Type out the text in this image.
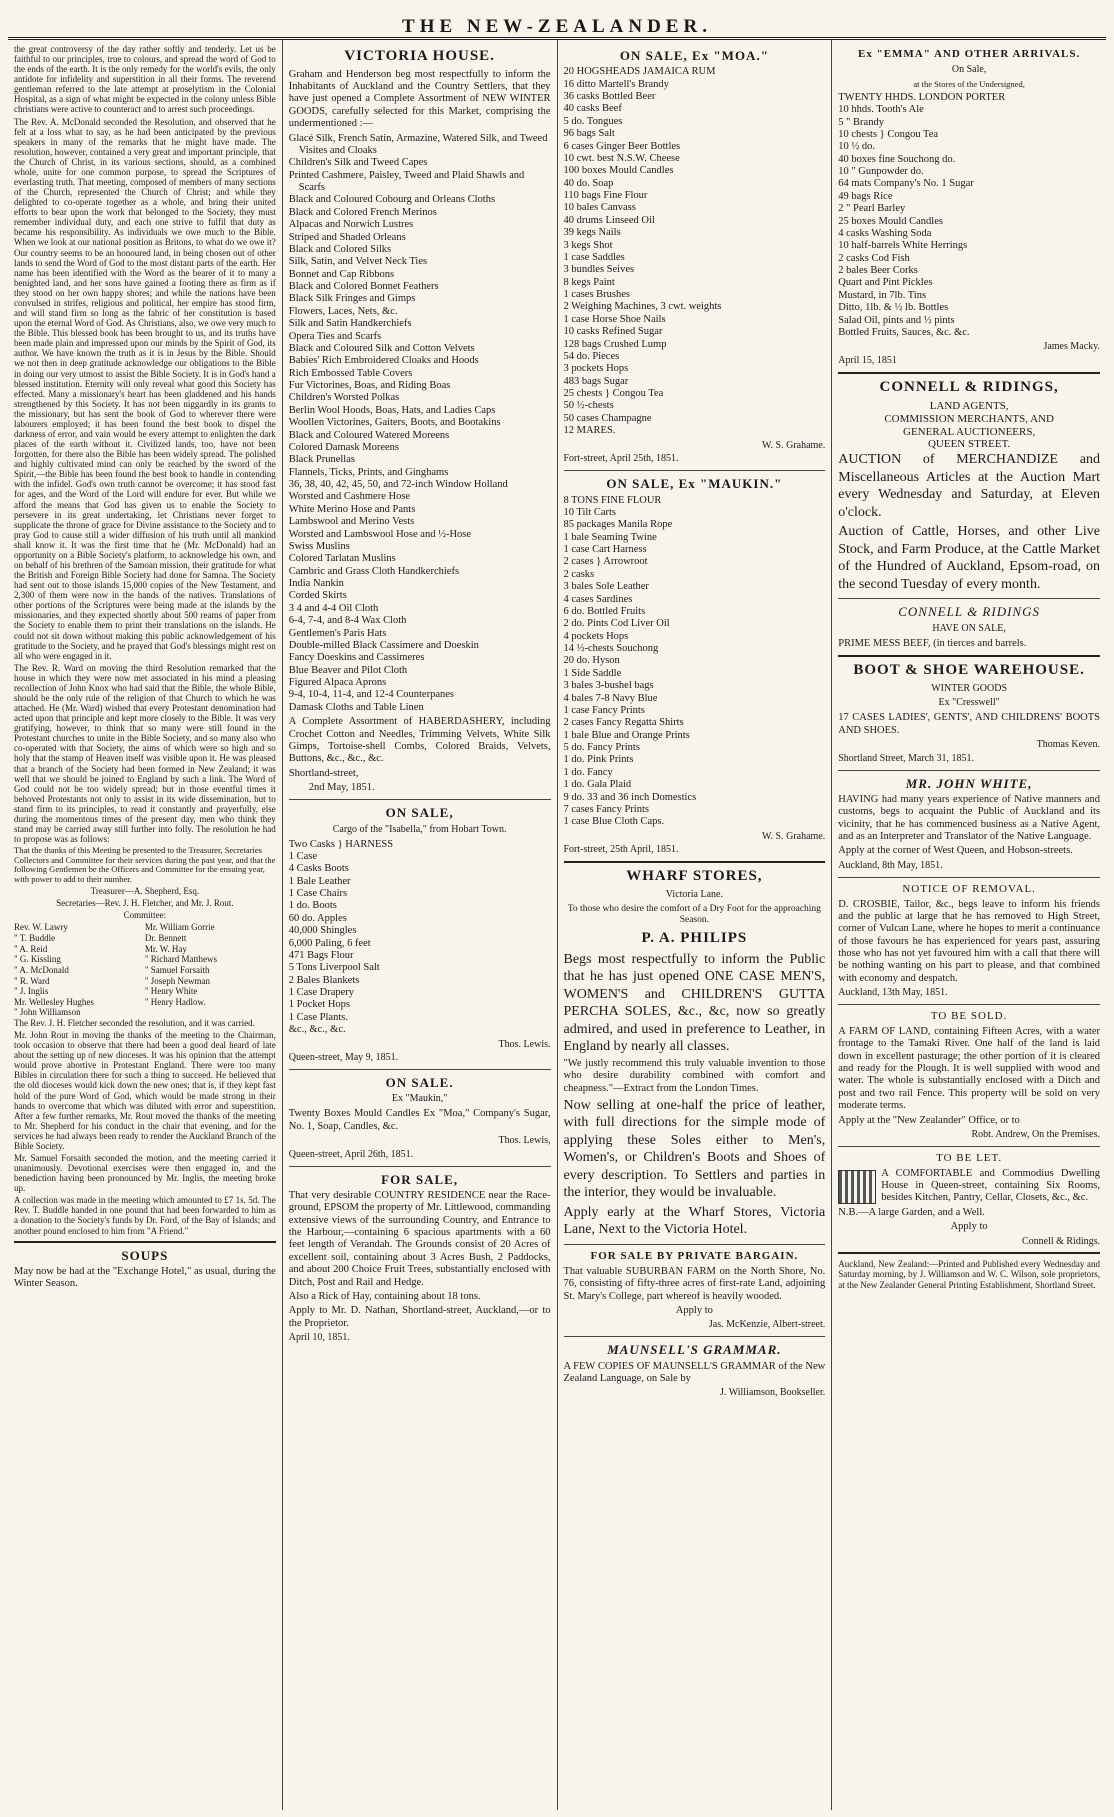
THE NEW-ZEALANDER.

the great controversy of the day rather softly and tenderly. Let us be faithful to our principles, true to colours, and spread the word of God to the ends of the earth. It is the only remedy for the world's evils, the only antidote for infidelity and superstition in all their forms. The reverend gentleman referred to the late attempt at proselytism in the Colonial Hospital, as a sign of what might be expected in the colony unless Bible christians were active to counteract and to arrest such proceedings.

The Rev. A. McDonald seconded the Resolution, and observed that he felt at a loss what to say, as he had been anticipated by the previous speakers in many of the remarks that he might have made. The resolution, however, contained a very great and important principle, that the Church of Christ, in its various sections, should, as a combined whole, unite for one common purpose, to spread the Scriptures of everlasting truth. That meeting, composed of members of many sections of the Church, represented the Church of Christ; and while they delighted to co-operate together as a whole, and bring their united efforts to bear upon the work that belonged to the Society, they must remember individual duty, and each one strive to fulfil that duty as became his responsibility. As individuals we owe much to the Bible. When we look at our national position as Britons, to what do we owe it? Our country seems to be an honoured land, in being chosen out of other lands to send the Word of God to the most distant parts of the earth. Her name has been identified with the Word as the bearer of it to many a benighted land, and her sons have gained a footing there as firm as if they stood on her own happy shores; and while the nations have been convulsed in strifes, religious and political, her empire has stood firm, and will stand firm so long as the fabric of her constitution is based upon the eternal Word of God. As Christians, also, we owe very much to the Bible. This blessed book has been brought to us, and its truths have been made plain and impressed upon our minds by the Spirit of God, its author. We have known the truth as it is in Jesus by the Bible. Should we not then in deep gratitude acknowledge our obligations to the Bible in doing our very utmost to assist the Bible Society. It is in God's hand a blessed institution. Eternity will only reveal what good this Society has effected. Many a missionary's heart has been gladdened and his hands strengthened by this Society. It has not been niggardly in its grants to the missionary, but has sent the book of God to wherever there were labourers employed; it has been found the best book to dispel the darkness of error, and vain would be every attempt to enlighten the dark places of the earth without it. Civilized lands, too, have not been forgotten, for there also the Bible has been widely spread. The polished and highly cultivated mind can only be reached by the sword of the Spirit,—the Bible has been found the best book to handle in contending with the infidel. God's own truth cannot be overcome; it has stood fast for ages, and the Word of the Lord will endure for ever. But while we afford the means that God has given us to enable the Society to persevere in its great undertaking, let Christians never forget to supplicate the throne of grace for Divine assistance to the Society and to pray God to cause still a wider diffusion of his truth until all mankind shall know it. It was the first time that he (Mr. McDonald) had an opportunity on a Bible Society's platform, to acknowledge his own, and on behalf of his brethren of the Samoan mission, their gratitude for what the British and Foreign Bible Society had done for Samoa. The Society had sent out to those islands 15,000 copies of the New Testament, and 2,300 of them were now in the hands of the natives. Translations of other portions of the Scriptures were being made at the islands by the missionaries, and they expected shortly about 500 reams of paper from the Society to enable them to print their translations on the islands. He could not sit down without making this public acknowledgement of his gratitude to the Society, and he prayed that God's blessings might rest on all who were engaged in it.

The Rev. R. Ward on moving the third Resolution remarked that the house in which they were now met associated in his mind a pleasing recollection of John Knox who had said that the Bible, the whole Bible, should be the only rule of the religion of that Church to which he was attached. He (Mr. Ward) wished that every Protestant denomination had acted upon that principle and kept more closely to the Bible. It was very gratifying, however, to think that so many were still found in the Protestant churches to unite in the Bible Society, and so many also who co-operated with that Society, the aims of which were so high and so holy that the stamp of Heaven itself was visible upon it. He was pleased that a branch of the Society had been formed in New Zealand; it was well that we should be joined to England by such a link. The Word of God could not be too widely spread; but in those eventful times it behoved Protestants not only to assist in its wide dissemination, but to stand firm to its principles, to read it constantly and prayerfully, else during the momentous times of the present day, men who think they stand may be carried away still further into folly. The resolution he had to propose was as follows:

That the thanks of this Meeting be presented to the Treasurer, Secretaries Collectors and Committee for their services during the past year, and that the following Gentlemen be the Officers and Committee for the ensuing year, with power to add to their number.

Treasurer—A. Shepherd, Esq.

Secretaries—Rev. J. H. Fletcher, and Mr. J. Rout.

Committee:

Rev. W. Lawry
" T. Buddle
" A. Reid
" G. Kissling
" A. McDonald
" R. Ward
" J. Inglis
Mr. Wellesley Hughes
" John Williamson
Mr. William Gorrie
Dr. Bennett
Mr. W. Hay
" Richard Matthews
" Samuel Forsaith
" Joseph Newman
" Henry White
" Henry Hadlow.

The Rev. J. H. Fletcher seconded the resolution, and it was carried.

Mr. John Rout in moving the thanks of the meeting to the Chairman, took occasion to observe that there had been a good deal heard of late about the setting up of new dioceses. It was his opinion that the attempt would prove abortive in Protestant England. There were too many Bibles in circulation there for such a thing to succeed. He believed that the old dioceses would kick down the new ones; that is, if they kept fast hold of the pure Word of God, which would be made strong in their hands to overcome that which was diluted with error and superstition. After a few further remarks, Mr. Rout moved the thanks of the meeting to Mr. Shepherd for his conduct in the chair that evening, and for the services he had always been ready to render the Auckland Branch of the Bible Society.

Mr. Samuel Forsaith seconded the motion, and the meeting carried it unanimously. Devotional exercises were then engaged in, and the benediction having been pronounced by Mr. Inglis, the meeting broke up.

A collection was made in the meeting which amounted to £7 1s. 5d. The Rev. T. Buddle handed in one pound that had been forwarded to him as a donation to the Society's funds by Dr. Ford, of the Bay of Islands; and another pound enclosed to him from "A Friend."

SOUPS

May now be had at the "Exchange Hotel," as usual, during the Winter Season.

VICTORIA HOUSE.

Graham and Henderson beg most respectfully to inform the Inhabitants of Auckland and the Country Settlers, that they have just opened a Complete Assortment of NEW WINTER GOODS, carefully selected for this Market, comprising the undermentioned :—

Glacé Silk, French Satin, Armazine, Watered Silk, and Tweed Visites and Cloaks
Children's Silk and Tweed Capes
Printed Cashmere, Paisley, Tweed and Plaid Shawls and Scarfs
Black and Coloured Cobourg and Orleans Cloths
Black and Colored French Merinos
Alpacas and Norwich Lustres
Striped and Shaded Orleans
Black and Colored Silks
Silk, Satin, and Velvet Neck Ties
Bonnet and Cap Ribbons
Black and Colored Bonnet Feathers
Black Silk Fringes and Gimps
Flowers, Laces, Nets, &c.
Silk and Satin Handkerchiefs
Opera Ties and Scarfs
Black and Coloured Silk and Cotton Velvets
Babies' Rich Embroidered Cloaks and Hoods
Rich Embossed Table Covers
Fur Victorines, Boas, and Riding Boas
Children's Worsted Polkas
Berlin Wool Hoods, Boas, Hats, and Ladies Caps
Woollen Victorines, Gaiters, Boots, and Bootakins
Black and Coloured Watered Moreens
Colored Damask Moreens
Black Prunellas
Flannels, Ticks, Prints, and Ginghams
36, 38, 40, 42, 45, 50, and 72-inch Window Holland
Worsted and Cashmere Hose
White Merino Hose and Pants
Lambswool and Merino Vests
Worsted and Lambswool Hose and ½-Hose
Swiss Muslins
Colored Tarlatan Muslins
Cambric and Grass Cloth Handkerchiefs
India Nankin
Corded Skirts
3 4 and 4-4 Oil Cloth
6-4, 7-4, and 8-4 Wax Cloth
Gentlemen's Paris Hats
Double-milled Black Cassimere and Doeskin
Fancy Doeskins and Cassimeres
Blue Beaver and Pilot Cloth
Figured Alpaca Aprons
9-4, 10-4, 11-4, and 12-4 Counterpanes
Damask Cloths and Table Linen

A Complete Assortment of HABERDASHERY, including Crochet Cotton and Needles, Trimming Velvets, White Silk Gimps, Tortoise-shell Combs, Colored Braids, Velvets, Buttons, &c., &c., &c.

Shortland-street,

2nd May, 1851.

ON SALE,
Cargo of the "Isabella," from Hobart Town.
Two Casks } HARNESS
1 Case
4 Casks Boots
1 Bale Leather
1 Case Chairs
1 do. Boots
60 do. Apples
40,000 Shingles
6,000 Paling, 6 feet
471 Bags Flour
5 Tons Liverpool Salt
2 Bales Blankets
1 Case Drapery
1 Pocket Hops
1 Case Plants.
&c., &c., &c.
Thos. Lewis.
Queen-street, May 9, 1851.
ON SALE.
Ex "Maukin,"

Twenty Boxes Mould Candles Ex "Moa," Company's Sugar, No. 1, Soap, Candles, &c.

Thos. Lewis,
Queen-street, April 26th, 1851.
FOR SALE,

That very desirable COUNTRY RESIDENCE near the Race-ground, EPSOM the property of Mr. Littlewood, commanding extensive views of the surrounding Country, and Entrance to the Harbour,—containing 6 spacious apartments with a 60 feet length of Verandah. The Grounds consist of 20 Acres of excellent soil, containing about 3 Acres Bush, 2 Paddocks, and about 200 Choice Fruit Trees, substantially enclosed with Ditch, Post and Rail and Hedge.

Also a Rick of Hay, containing about 18 tons.

Apply to Mr. D. Nathan, Shortland-street, Auckland,—or to the Proprietor.

April 10, 1851.
ON SALE, Ex "MOA."
20 HOGSHEADS JAMAICA RUM
16 ditto Martell's Brandy
36 casks Bottled Beer
40 casks Beef
5 do. Tongues
96 bags Salt
6 cases Ginger Beer Bottles
10 cwt. best N.S.W. Cheese
100 boxes Mould Candles
40 do. Soap
110 bags Fine Flour
10 bales Canvass
40 drums Linseed Oil
39 kegs Nails
3 kegs Shot
1 case Saddles
3 bundles Seives
8 kegs Paint
1 cases Brushes
2 Weighing Machines, 3 cwt. weights
1 case Horse Shoe Nails
10 casks Refined Sugar
128 bags Crushed Lump
54 do. Pieces
3 pockets Hops
483 bags Sugar
25 chests } Congou Tea
50 ½-chests
50 cases Champagne
12 MARES.
W. S. Grahame.
Fort-street, April 25th, 1851.
ON SALE, Ex "MAUKIN."
8 TONS FINE FLOUR
10 Tilt Carts
85 packages Manila Rope
1 bale Seaming Twine
1 case Cart Harness
2 cases } Arrowroot
2 casks
3 bales Sole Leather
4 cases Sardines
6 do. Bottled Fruits
2 do. Pints Cod Liver Oil
4 pockets Hops
14 ½-chests Souchong
20 do. Hyson
1 Side Saddle
3 bales 3-bushel bags
4 bales 7-8 Navy Blue
1 case Fancy Prints
2 cases Fancy Regatta Shirts
1 bale Blue and Orange Prints
5 do. Fancy Prints
1 do. Pink Prints
1 do. Fancy
1 do. Gala Plaid
9 do. 33 and 36 inch Domestics
7 cases Fancy Prints
1 case Blue Cloth Caps.
W. S. Grahame.
Fort-street, 25th April, 1851.
WHARF STORES,
Victoria Lane.

To those who desire the comfort of a Dry Foot for the approaching Season.

P. A. PHILIPS

Begs most respectfully to inform the Public that he has just opened ONE CASE MEN'S, WOMEN'S and CHILDREN'S GUTTA PERCHA SOLES, &c., &c, now so greatly admired, and used in preference to Leather, in England by nearly all classes.

"We justly recommend this truly valuable invention to those who desire durability combined with comfort and cheapness."—Extract from the London Times.

Now selling at one-half the price of leather, with full directions for the simple mode of applying these Soles either to Men's, Women's, or Children's Boots and Shoes of every description. To Settlers and parties in the interior, they would be invaluable.

Apply early at the Wharf Stores, Victoria Lane, Next to the Victoria Hotel.

FOR SALE BY PRIVATE BARGAIN.

That valuable SUBURBAN FARM on the North Shore, No. 76, consisting of fifty-three acres of first-rate Land, adjoining St. Mary's College, part whereof is heavily wooded.

Apply to

Jas. McKenzie, Albert-street.
MAUNSELL'S GRAMMAR.

A FEW COPIES OF MAUNSELL'S GRAMMAR of the New Zealand Language, on Sale by

J. Williamson, Bookseller.
Ex "EMMA" AND OTHER ARRIVALS.
On Sale,
at the Stores of the Undersigned,
TWENTY HHDS. LONDON PORTER
10 hhds. Tooth's Ale
5 " Brandy
10 chests } Congou Tea
10 ½ do.
40 boxes fine Souchong do.
10 " Gunpowder do.
64 mats Company's No. 1 Sugar
49 bags Rice
2 " Pearl Barley
25 boxes Mould Candles
4 casks Washing Soda
10 half-barrels White Herrings
2 casks Cod Fish
2 bales Beer Corks
Quart and Pint Pickles
Mustard, in 7lb. Tins
Ditto, 1lb. & ½ lb. Bottles
Salad Oil, pints and ½ pints
Bottled Fruits, Sauces, &c. &c.
James Macky.
April 15, 1851
CONNELL & RIDINGS,
LAND AGENTS,
COMMISSION MERCHANTS, AND
GENERAL AUCTIONEERS,
QUEEN STREET.

AUCTION of MERCHANDIZE and Miscellaneous Articles at the Auction Mart every Wednesday and Saturday, at Eleven o'clock.

Auction of Cattle, Horses, and other Live Stock, and Farm Produce, at the Cattle Market of the Hundred of Auckland, Epsom-road, on the second Tuesday of every month.

CONNELL & RIDINGS
HAVE ON SALE,

PRIME MESS BEEF, (in tierces and barrels.

BOOT & SHOE WAREHOUSE.
WINTER GOODS
Ex "Cresswell"

17 CASES LADIES', GENTS', AND CHILDRENS' BOOTS AND SHOES.

Thomas Keven.
Shortland Street, March 31, 1851.
MR. JOHN WHITE,

HAVING had many years experience of Native manners and customs, begs to acquaint the Public of Auckland and its vicinity, that he has commenced business as a Native Agent, and as an Interpreter and Translator of the Native Language.

Apply at the corner of West Queen, and Hobson-streets.

Auckland, 8th May, 1851.
NOTICE OF REMOVAL.

D. CROSBIE, Tailor, &c., begs leave to inform his friends and the public at large that he has removed to High Street, corner of Vulcan Lane, where he hopes to merit a continuance of those favours he has experienced for years past, assuring those who has not yet favoured him with a call that there will be nothing wanting on his part to please, and that combined with economy and despatch.

Auckland, 13th May, 1851.
TO BE SOLD.

A FARM OF LAND, containing Fifteen Acres, with a water frontage to the Tamaki River. One half of the land is laid down in excellent pasturage; the other portion of it is cleared and ready for the Plough. It is well supplied with wood and water. The whole is substantially enclosed with a Ditch and post and two rail Fence. This property will be sold on very moderate terms.

Apply at the "New Zealander" Office, or to

Robt. Andrew, On the Premises.
TO BE LET.

A COMFORTABLE and Commodius Dwelling House in Queen-street, containing Six Rooms, besides Kitchen, Pantry, Cellar, Closets, &c., &c.

N.B.—A large Garden, and a Well.

Apply to

Connell & Ridings.

Auckland, New Zealand:—Printed and Published every Wednesday and Saturday morning, by J. Williamson and W. C. Wilson, sole proprietors, at the New Zealander General Printing Establishment, Shortland Street.
